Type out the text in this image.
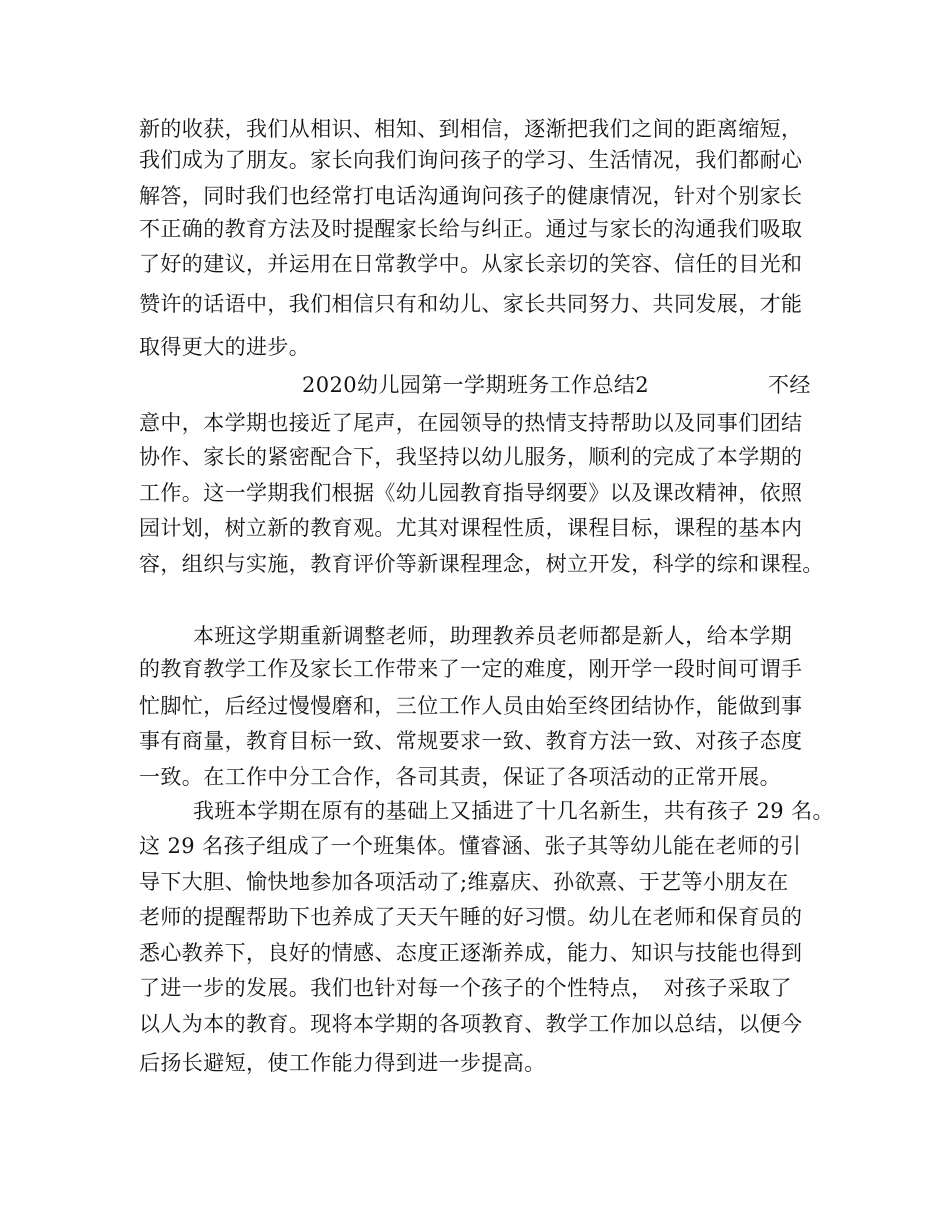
新的收获，我们从相识、相知、到相信，逐渐把我们之间的距离缩短，
我们成为了朋友。家长向我们询问孩子的学习、生活情况，我们都耐心
解答，同时我们也经常打电话沟通询问孩子的健康情况，针对个别家长
不正确的教育方法及时提醒家长给与纠正。通过与家长的沟通我们吸取
了好的建议，并运用在日常教学中。从家长亲切的笑容、信任的目光和
赞许的话语中，我们相信只有和幼儿、家长共同努力、共同发展，才能
取得更大的进步。
2020幼儿园第一学期班务工作总结2	不经
意中，本学期也接近了尾声，在园领导的热情支持帮助以及同事们团结
协作、家长的紧密配合下，我坚持以幼儿服务，顺利的完成了本学期的
工作。这一学期我们根据《幼儿园教育指导纲要》以及课改精神，依照
园计划，树立新的教育观。尤其对课程性质，课程目标，课程的基本内
容，组织与实施，教育评价等新课程理念，树立开发，科学的综和课程。
本班这学期重新调整老师，助理教养员老师都是新人，给本学期
的教育教学工作及家长工作带来了一定的难度，刚开学一段时间可谓手
忙脚忙，后经过慢慢磨和，三位工作人员由始至终团结协作，能做到事
事有商量，教育目标一致、常规要求一致、教育方法一致、对孩子态度
一致。在工作中分工合作，各司其责，保证了各项活动的正常开展。
我班本学期在原有的基础上又插进了十几名新生，共有孩子 29 名。
这 29 名孩子组成了一个班集体。懂睿涵、张子其等幼儿能在老师的引
导下大胆、愉快地参加各项活动了;维嘉庆、孙欲熹、于艺等小朋友在
老师的提醒帮助下也养成了天天午睡的好习惯。幼儿在老师和保育员的
悉心教养下，良好的情感、态度正逐渐养成，能力、知识与技能也得到
了进一步的发展。我们也针对每一个孩子的个性特点，　对孩子采取了
以人为本的教育。现将本学期的各项教育、教学工作加以总结，以便今
后扬长避短，使工作能力得到进一步提高。
